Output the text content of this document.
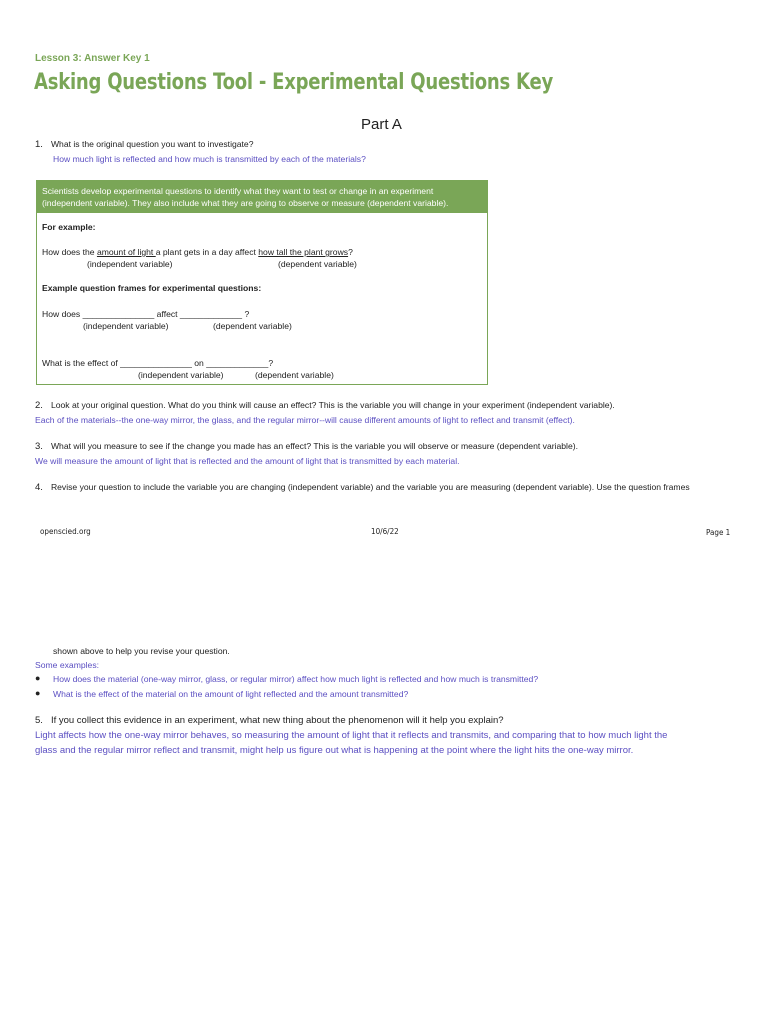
Lesson 3: Answer Key 1
Asking Questions Tool - Experimental Questions Key
Part A
1. What is the original question you want to investigate?
How much light is reflected and how much is transmitted by each of the materials?
Scientists develop experimental questions to identify what they want to test or change in an experiment (independent variable). They also include what they are going to observe or measure (dependent variable).
For example:
How does the amount of light a plant gets in a day affect how tall the plant grows?
(independent variable)	(dependent variable)
Example question frames for experimental questions:
How does _______________ affect _____________ ?
(independent variable)	(dependent variable)
What is the effect of _______________ on _____________?
(independent variable)	(dependent variable)
2. Look at your original question. What do you think will cause an effect? This is the variable you will change in your experiment (independent variable).
Each of the materials--the one-way mirror, the glass, and the regular mirror--will cause different amounts of light to reflect and transmit (effect).
3. What will you measure to see if the change you made has an effect? This is the variable you will observe or measure (dependent variable).
We will measure the amount of light that is reflected and the amount of light that is transmitted by each material.
4. Revise your question to include the variable you are changing (independent variable) and the variable you are measuring (dependent variable). Use the question frames
openscied.org	10/6/22	Page 1
shown above to help you revise your question.
Some examples:
● How does the material (one-way mirror, glass, or regular mirror) affect how much light is reflected and how much is transmitted?
● What is the effect of the material on the amount of light reflected and the amount transmitted?
5. If you collect this evidence in an experiment, what new thing about the phenomenon will it help you explain?
Light affects how the one-way mirror behaves, so measuring the amount of light that it reflects and transmits, and comparing that to how much light the
glass and the regular mirror reflect and transmit, might help us figure out what is happening at the point where the light hits the one-way mirror.
